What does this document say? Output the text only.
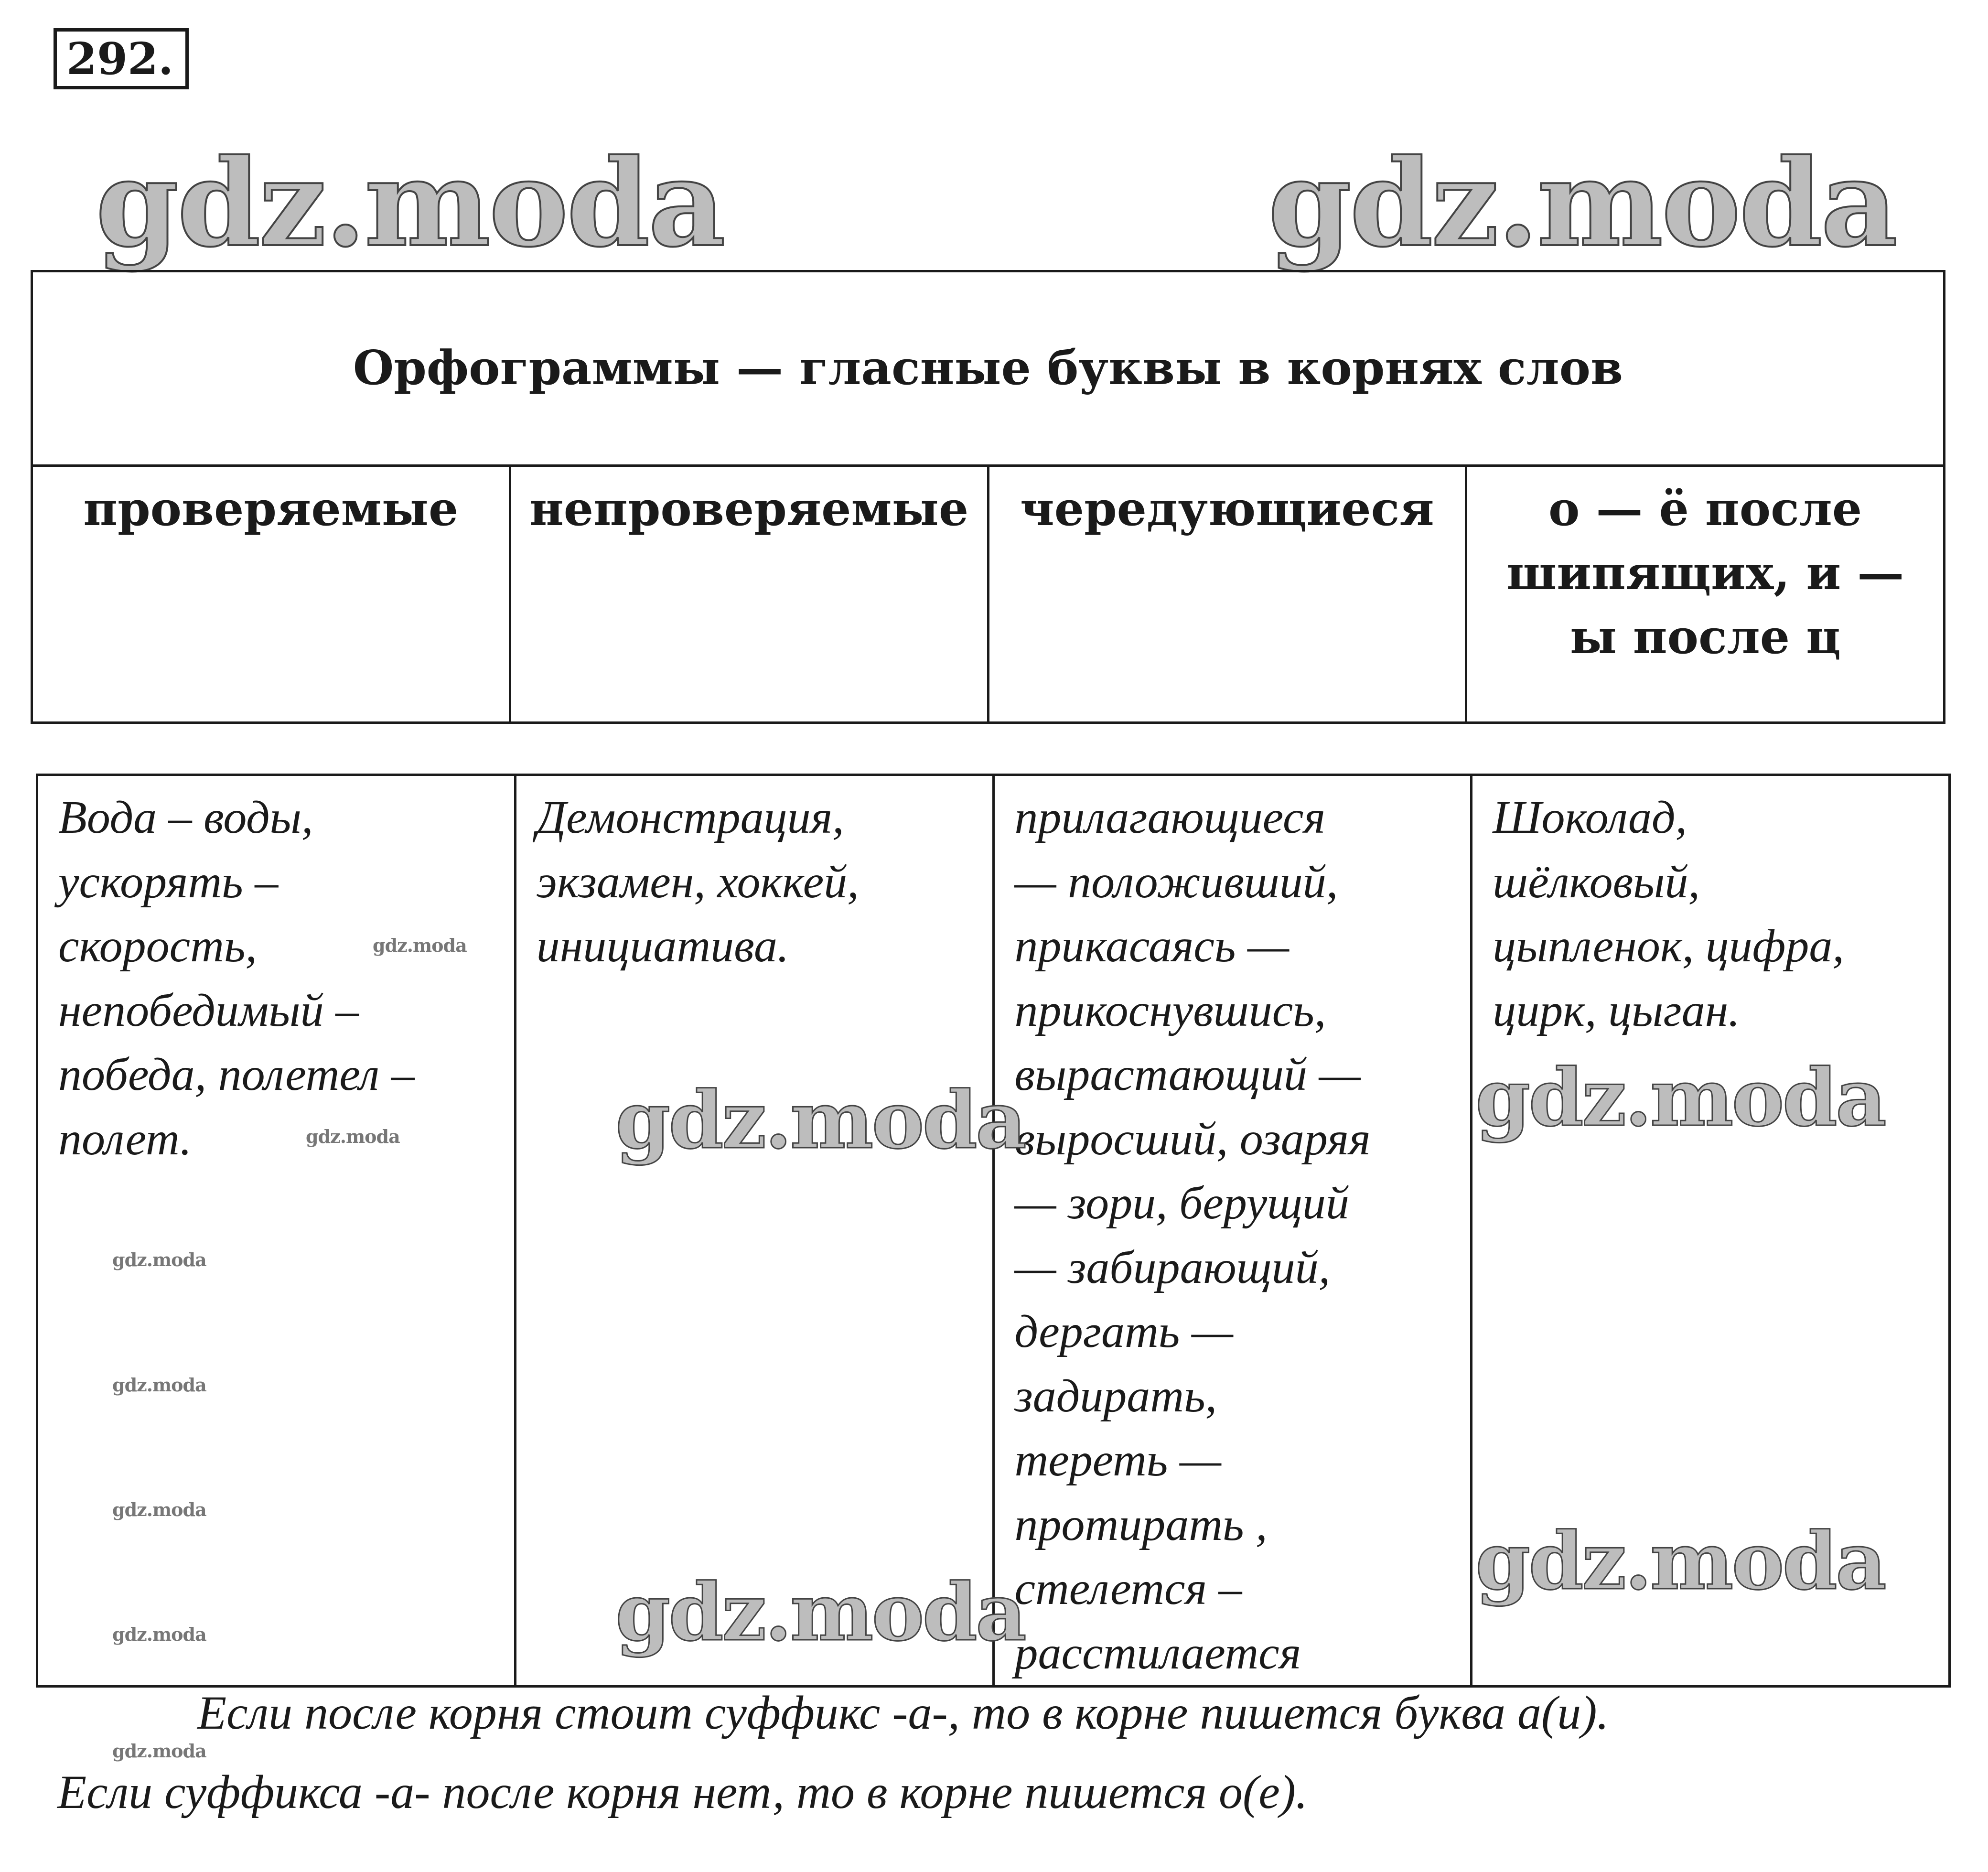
292.
gdz.moda	gdz.moda
Орфограммы — гласные буквы в корнях слов
проверяемые	непроверяемые	чередующиеся	о — ё после шипящих, и — ы после ц
Вода – воды,
ускорять –
скорость,
непобедимый –
победа, полетел –
полет.

Демонстрация,
экзамен, хоккей,
инициатива.

прилагающиеся
— положивший,
прикасаясь —
прикоснувшись,
вырастающий —
выросший, озаряя
— зори, берущий
— забирающий,
дергать —
задирать,
тереть —
протирать ,
стелется –
расстилается

Шоколад,
шёлковый,
цыпленок, цифра,
цирк, цыган.
gdz.moda
gdz.moda
gdz.moda
gdz.moda
gdz.moda
gdz.moda
gdz.moda
gdz.moda
gdz.moda
gdz.moda
gdz.moda
Если после корня стоит суффикс -а-, то в корне пишется буква а(и).
Если суффикса -а- после корня нет, то в корне пишется о(е).
